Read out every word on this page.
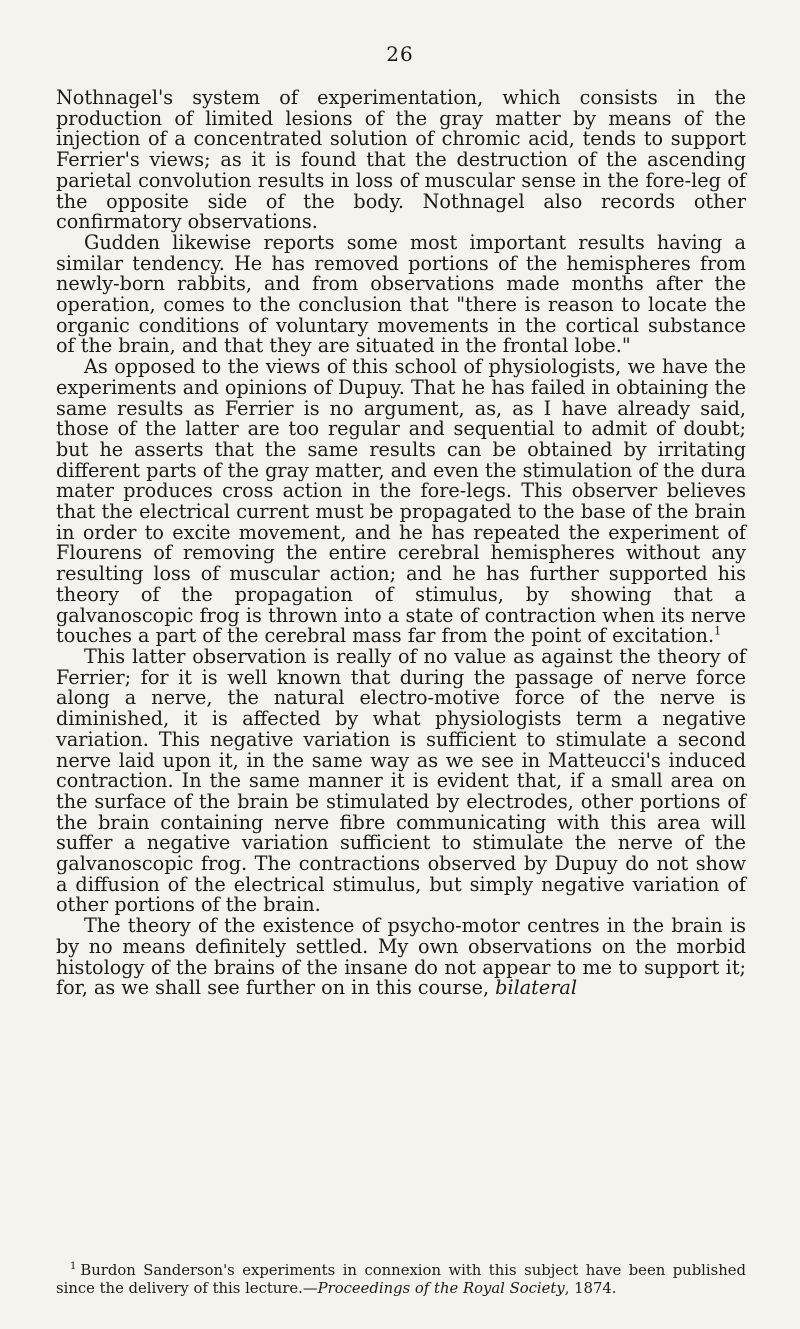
26

Nothnagel's system of experimentation, which consists in the production of limited lesions of the gray matter by means of the injection of a concentrated solution of chromic acid, tends to support Ferrier's views; as it is found that the destruction of the ascending parietal convolution results in loss of muscular sense in the fore-leg of the opposite side of the body. Nothnagel also records other confirmatory observations.

Gudden likewise reports some most important results having a similar tendency. He has removed portions of the hemispheres from newly-born rabbits, and from observations made months after the operation, comes to the conclusion that "there is reason to locate the organic conditions of voluntary movements in the cortical substance of the brain, and that they are situated in the frontal lobe."

As opposed to the views of this school of physiologists, we have the experiments and opinions of Dupuy. That he has failed in obtaining the same results as Ferrier is no argument, as, as I have already said, those of the latter are too regular and sequential to admit of doubt; but he asserts that the same results can be obtained by irritating different parts of the gray matter, and even the stimulation of the dura mater produces cross action in the fore-legs. This observer believes that the electrical current must be propagated to the base of the brain in order to excite movement, and he has repeated the experiment of Flourens of removing the entire cerebral hemispheres without any resulting loss of muscular action; and he has further supported his theory of the propagation of stimulus, by showing that a galvanoscopic frog is thrown into a state of contraction when its nerve touches a part of the cerebral mass far from the point of excitation.$^1$

This latter observation is really of no value as against the theory of Ferrier; for it is well known that during the passage of nerve force along a nerve, the natural electro-motive force of the nerve is diminished, it is affected by what physiologists term a negative variation. This negative variation is sufficient to stimulate a second nerve laid upon it, in the same way as we see in Matteucci's induced contraction. In the same manner it is evident that, if a small area on the surface of the brain be stimulated by electrodes, other portions of the brain containing nerve fibre communicating with this area will suffer a negative variation sufficient to stimulate the nerve of the galvanoscopic frog. The contractions observed by Dupuy do not show a diffusion of the electrical stimulus, but simply negative variation of other portions of the brain.

The theory of the existence of psycho-motor centres in the brain is by no means definitely settled. My own observations on the morbid histology of the brains of the insane do not appear to me to support it; for, as we shall see further on in this course, bilateral

$^1$ Burdon Sanderson's experiments in connexion with this subject have been published since the delivery of this lecture.—Proceedings of the Royal Society, 1874.
